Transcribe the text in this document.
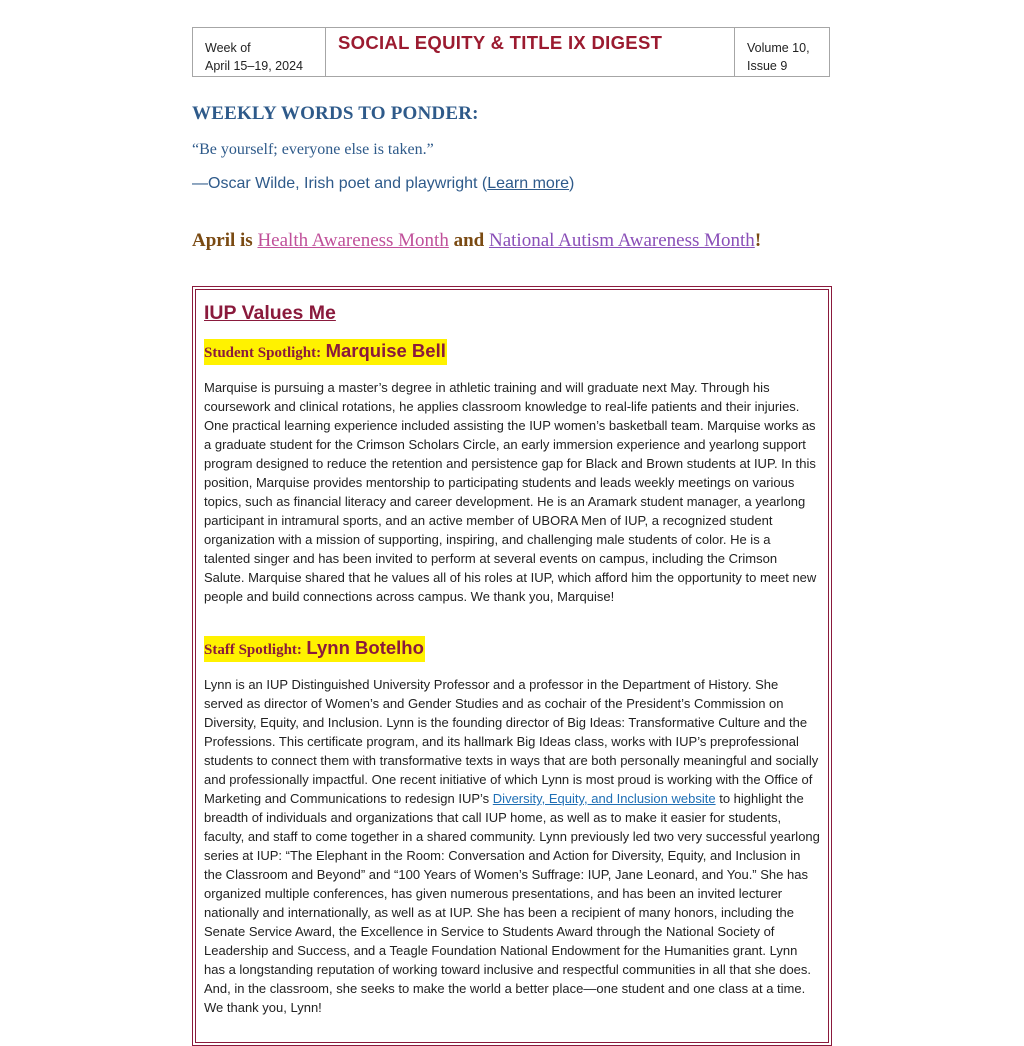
Week of
April 15–19, 2024
SOCIAL EQUITY & TITLE IX DIGEST	Volume 10,
Issue 9
WEEKLY WORDS TO PONDER:
“Be yourself; everyone else is taken.”
—Oscar Wilde, Irish poet and playwright (Learn more)
April is Health Awareness Month and National Autism Awareness Month!
IUP Values Me
Student Spotlight: Marquise Bell

Marquise is pursuing a master’s degree in athletic training and will graduate next May. Through his coursework and clinical rotations, he applies classroom knowledge to real-life patients and their injuries. One practical learning experience included assisting the IUP women’s basketball team. Marquise works as a graduate student for the Crimson Scholars Circle, an early immersion experience and yearlong support program designed to reduce the retention and persistence gap for Black and Brown students at IUP. In this position, Marquise provides mentorship to participating students and leads weekly meetings on various topics, such as financial literacy and career development. He is an Aramark student manager, a yearlong participant in intramural sports, and an active member of UBORA Men of IUP, a recognized student organization with a mission of supporting, inspiring, and challenging male students of color. He is a talented singer and has been invited to perform at several events on campus, including the Crimson Salute. Marquise shared that he values all of his roles at IUP, which afford him the opportunity to meet new people and build connections across campus. We thank you, Marquise!

Staff Spotlight: Lynn Botelho

Lynn is an IUP Distinguished University Professor and a professor in the Department of History. She served as director of Women’s and Gender Studies and as cochair of the President’s Commission on Diversity, Equity, and Inclusion. Lynn is the founding director of Big Ideas: Transformative Culture and the Professions. This certificate program, and its hallmark Big Ideas class, works with IUP’s preprofessional students to connect them with transformative texts in ways that are both personally meaningful and socially and professionally impactful. One recent initiative of which Lynn is most proud is working with the Office of Marketing and Communications to redesign IUP’s Diversity, Equity, and Inclusion website to highlight the breadth of individuals and organizations that call IUP home, as well as to make it easier for students, faculty, and staff to come together in a shared community. Lynn previously led two very successful yearlong series at IUP: “The Elephant in the Room: Conversation and Action for Diversity, Equity, and Inclusion in the Classroom and Beyond” and “100 Years of Women’s Suffrage: IUP, Jane Leonard, and You.” She has organized multiple conferences, has given numerous presentations, and has been an invited lecturer nationally and internationally, as well as at IUP. She has been a recipient of many honors, including the Senate Service Award, the Excellence in Service to Students Award through the National Society of Leadership and Success, and a Teagle Foundation National Endowment for the Humanities grant. Lynn has a longstanding reputation of working toward inclusive and respectful communities in all that she does. And, in the classroom, she seeks to make the world a better place—one student and one class at a time. We thank you, Lynn!
